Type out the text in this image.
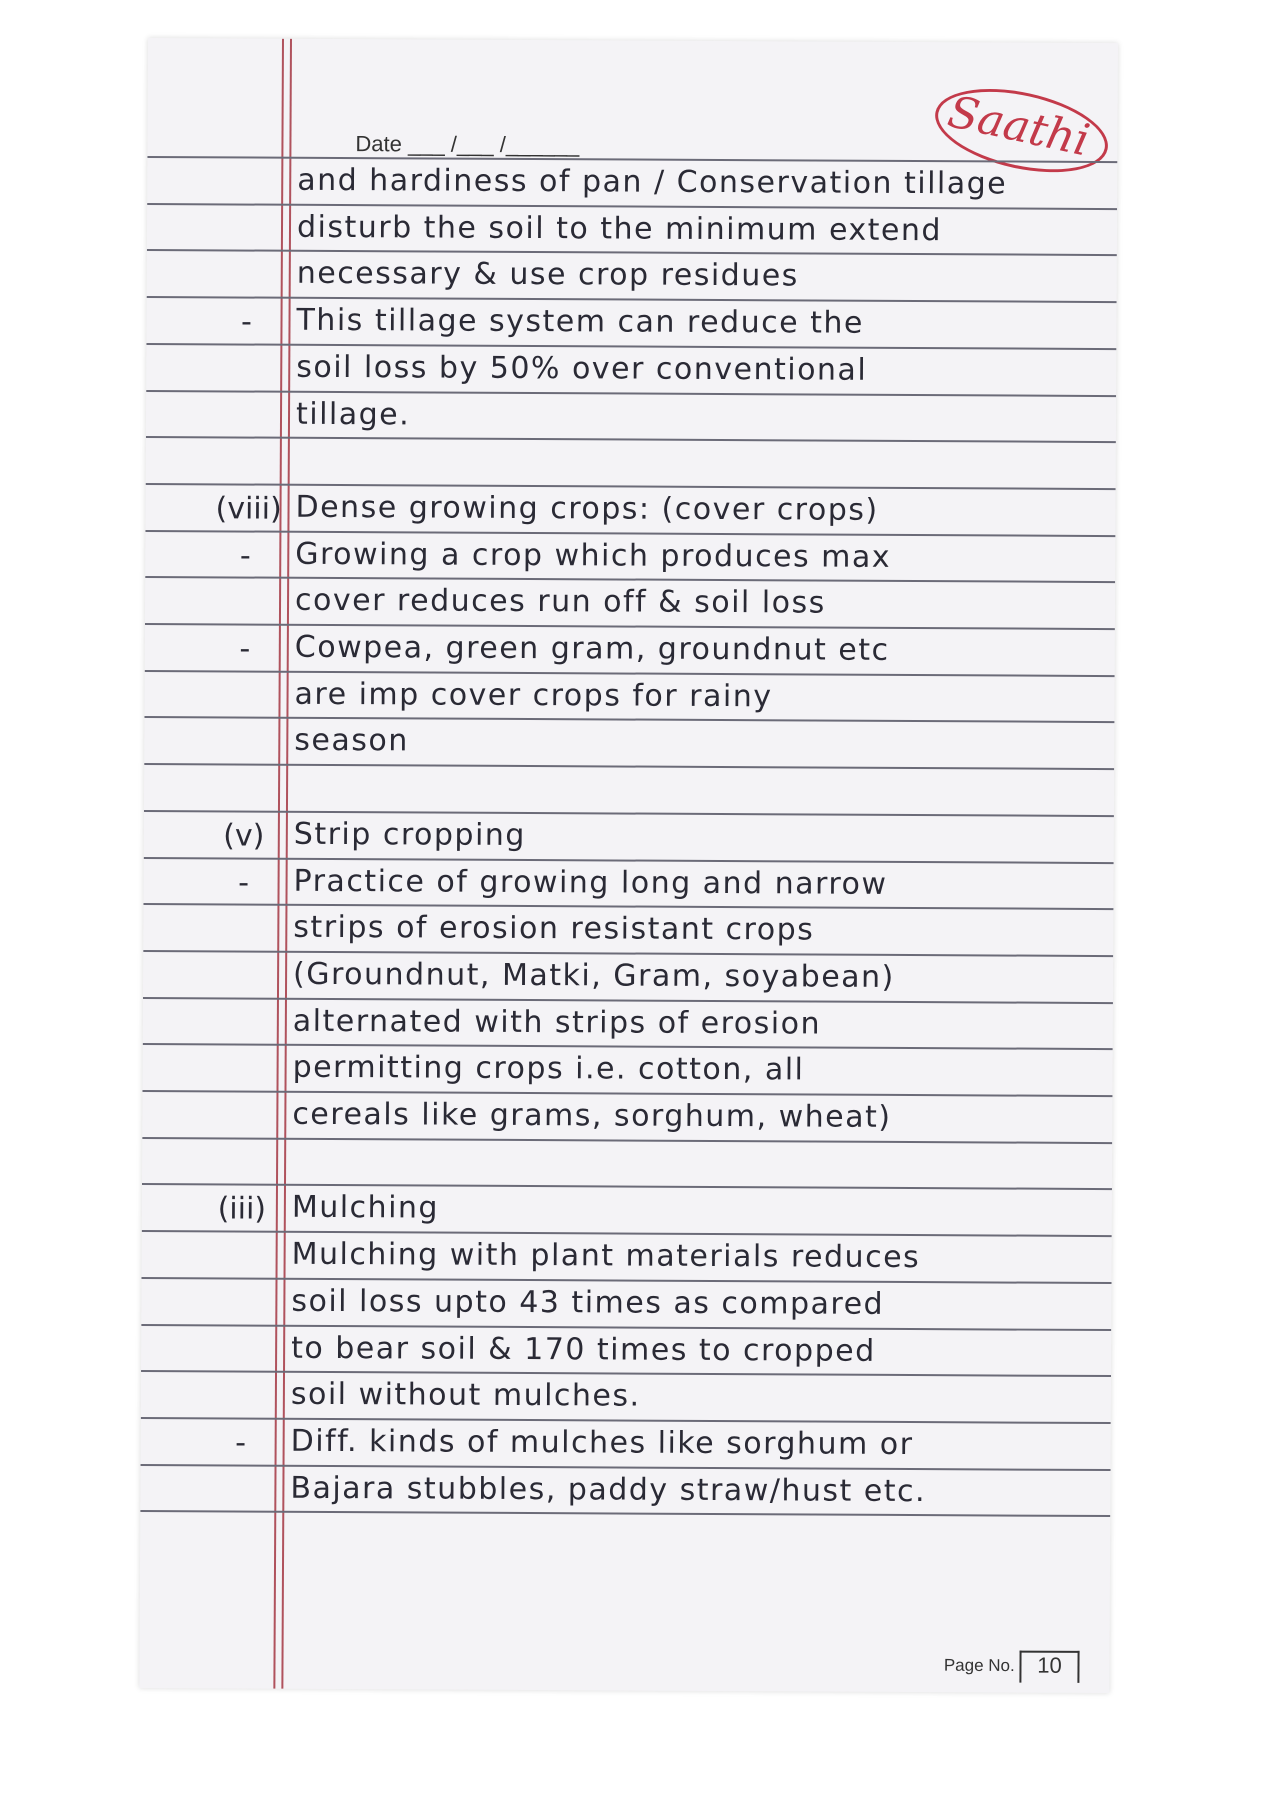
Date ___ /___ /______	Saathi
and hardiness of pan / Conservation tillage
disturb the soil to the minimum extend
necessary & use crop residues
-	This tillage system can reduce the
soil loss by 50% over conventional
tillage.
(viii) Dense growing crops: (cover crops)
-	Growing a crop which produces max
cover reduces run off & soil loss
-	Cowpea, green gram, groundnut etc
are imp cover crops for rainy
season
(v) Strip cropping
-	Practice of growing long and narrow
strips of erosion resistant crops
(Groundnut, Matki, Gram, soyabean)
alternated with strips of erosion
permitting crops i.e. cotton, all
cereals like grams, sorghum, wheat)
(iii) Mulching
Mulching with plant materials reduces
soil loss upto 43 times as compared
to bear soil & 170 times to cropped
soil without mulches.
-	Diff. kinds of mulches like sorghum or
Bajara stubbles, paddy straw/hust etc.
Page No. 10
